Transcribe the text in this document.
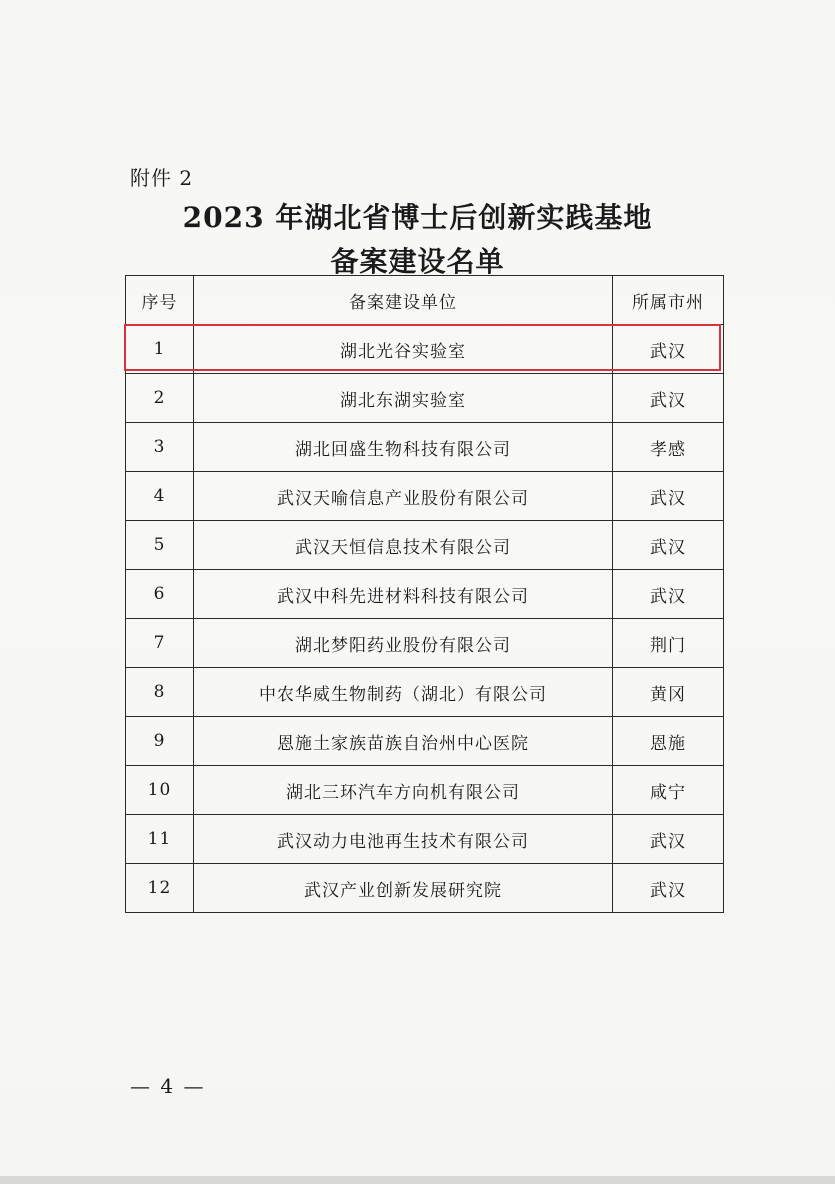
附件 2
2023 年湖北省博士后创新实践基地
备案建设名单
序号	备案建设单位	所属市州
1	湖北光谷实验室	武汉
2	湖北东湖实验室	武汉
3	湖北回盛生物科技有限公司	孝感
4	武汉天喻信息产业股份有限公司	武汉
5	武汉天恒信息技术有限公司	武汉
6	武汉中科先进材料科技有限公司	武汉
7	湖北梦阳药业股份有限公司	荆门
8	中农华威生物制药（湖北）有限公司	黄冈
9	恩施土家族苗族自治州中心医院	恩施
10	湖北三环汽车方向机有限公司	咸宁
11	武汉动力电池再生技术有限公司	武汉
12	武汉产业创新发展研究院	武汉
— 4 —
